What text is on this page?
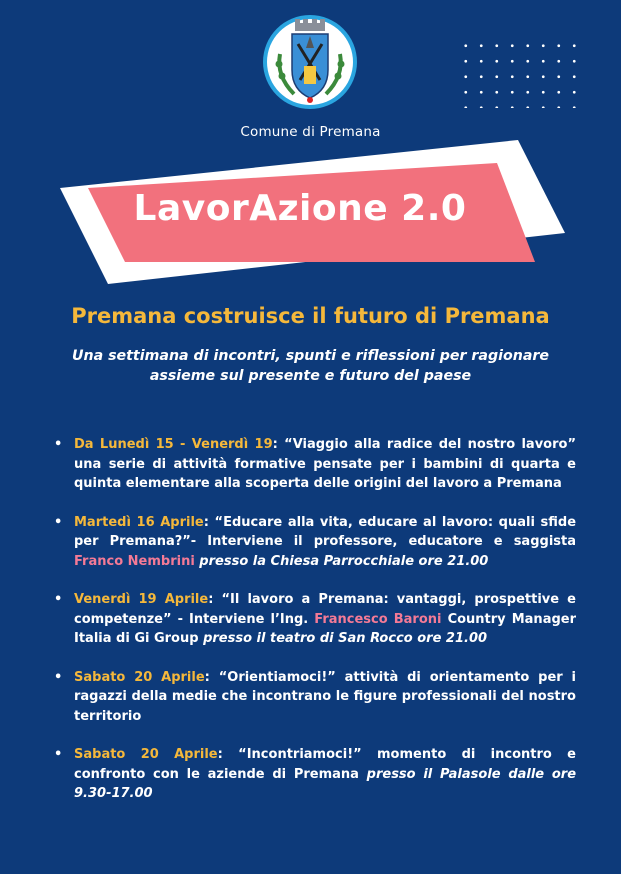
Comune di Premana
LavorAzione 2.0
Premana costruisce il futuro di Premana
Una settimana di incontri, spunti e riflessioni per ragionare assieme sul presente e futuro del paese
• Da Lunedì 15 - Venerdì 19: “Viaggio alla radice del nostro lavoro” una serie di attività formative pensate per i bambini di quarta e quinta elementare alla scoperta delle origini del lavoro a Premana
• Martedì 16 Aprile: “Educare alla vita, educare al lavoro: quali sfide per Premana?”- Interviene il professore, educatore e saggista Franco Nembrini presso la Chiesa Parrocchiale ore 21.00
• Venerdì 19 Aprile: “Il lavoro a Premana: vantaggi, prospettive e competenze” - Interviene l’Ing. Francesco Baroni Country Manager Italia di Gi Group presso il teatro di San Rocco ore 21.00
• Sabato 20 Aprile: “Orientiamoci!” attività di orientamento per i ragazzi della medie che incontrano le figure professionali del nostro territorio
• Sabato 20 Aprile: “Incontriamoci!” momento di incontro e confronto con le aziende di Premana presso il Palasole dalle ore 9.30-17.00
